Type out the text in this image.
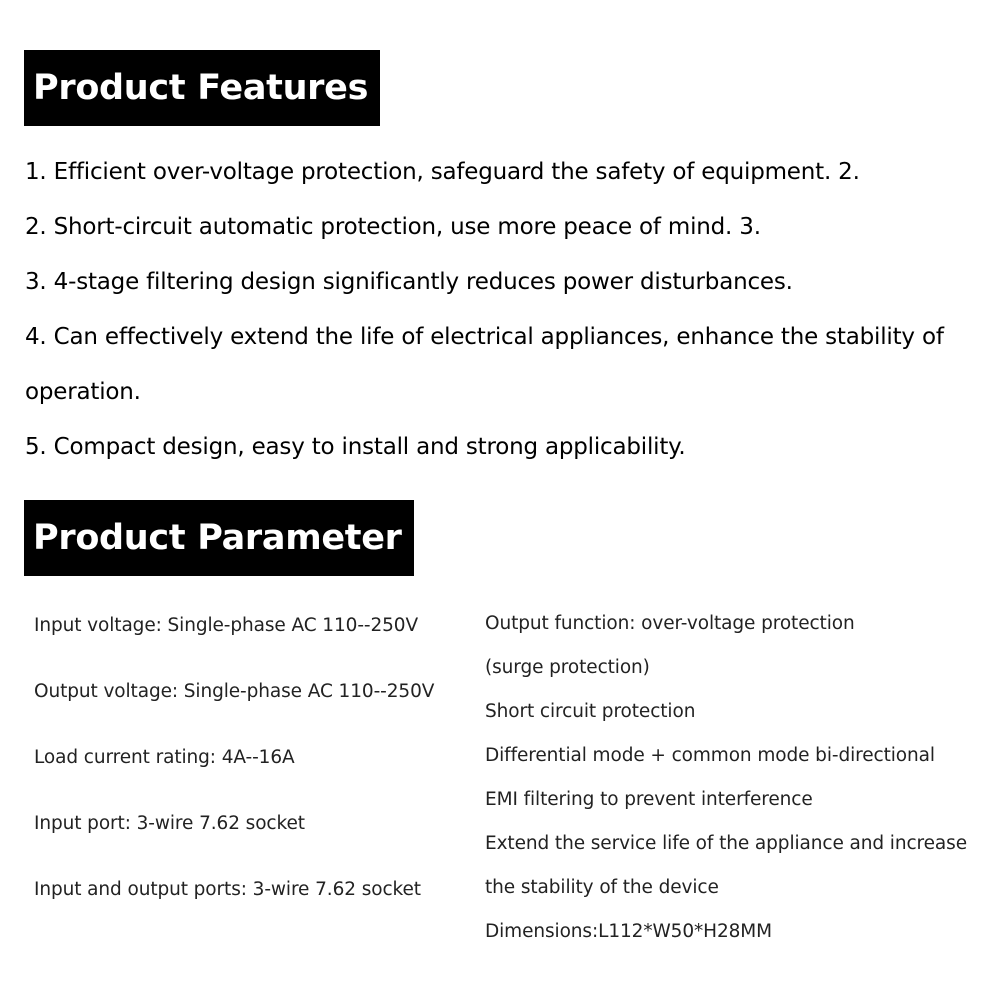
Product Features
1. Efficient over-voltage protection, safeguard the safety of equipment. 2.
2. Short-circuit automatic protection, use more peace of mind. 3.
3. 4-stage filtering design significantly reduces power disturbances.
4. Can effectively extend the life of electrical appliances, enhance the stability of operation.
5. Compact design, easy to install and strong applicability.
Product Parameter
Input voltage: Single-phase AC 110--250V
Output voltage: Single-phase AC 110--250V
Load current rating: 4A--16A
Input port: 3-wire 7.62 socket
Input and output ports: 3-wire 7.62 socket
Output function: over-voltage protection
(surge protection)
Short circuit protection
Differential mode + common mode bi-directional
EMI filtering to prevent interference
Extend the service life of the appliance and increase
the stability of the device
Dimensions:L112*W50*H28MM
